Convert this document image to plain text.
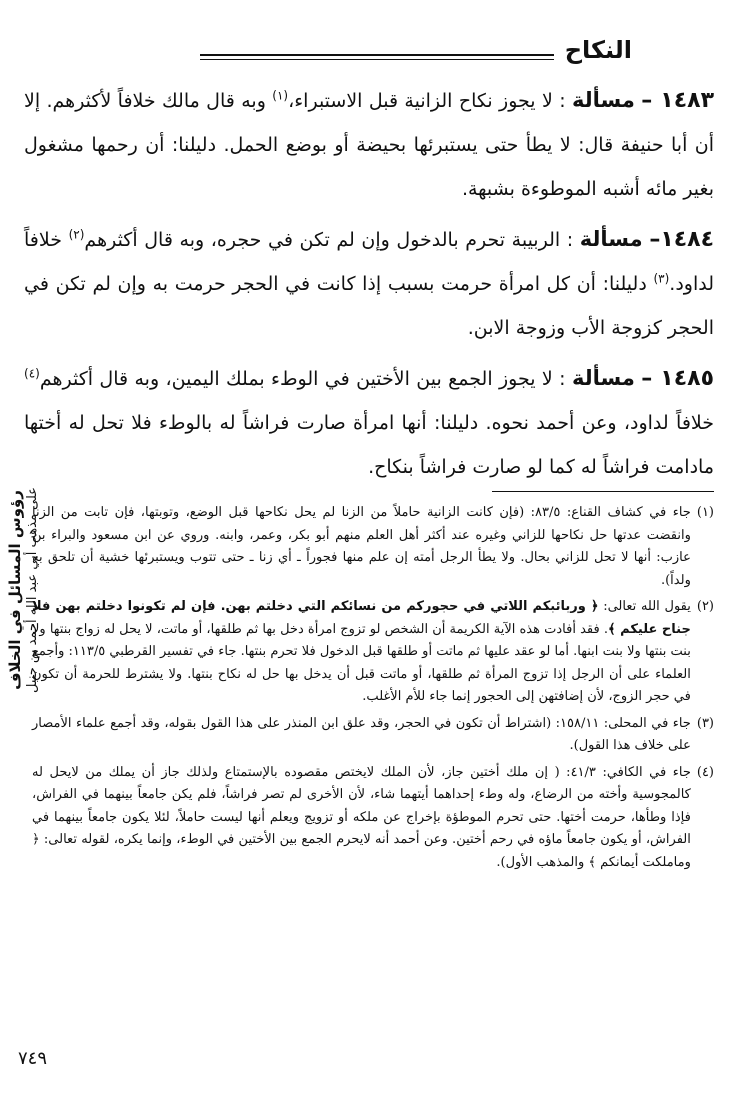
النكاح

١٤٨٣ – مسألة : لا يجوز نكاح الزانية قبل الاستبراء،$^{(١)}$ وبه قال مالك خلافاً لأكثرهم. إلا أن أبا حنيفة قال: لا يطأ حتى يستبرئها بحيضة أو بوضع الحمل. دليلنا: أن رحمها مشغول بغير مائه أشبه الموطوءة بشبهة.

١٤٨٤– مسألة : الربيبة تحرم بالدخول وإن لم تكن في حجره، وبه قال أكثرهم$^{(٢)}$ خلافاً لداود.$^{(٣)}$ دليلنا: أن كل امرأة حرمت بسبب إذا كانت في الحجر حرمت به وإن لم تكن في الحجر كزوجة الأب وزوجة الابن.

١٤٨٥ – مسألة : لا يجوز الجمع بين الأختين في الوطء بملك اليمين، وبه قال أكثرهم$^{(٤)}$ خلافاً لداود، وعن أحمد نحوه. دليلنا: أنها امرأة صارت فراشاً له بالوطء فلا تحل له أختها مادامت فراشاً له كما لو صارت فراشاً بنكاح.

(١)
جاء في كشاف القناع: ٨٣/٥: (فإن كانت الزانية حاملاً من الزنا لم يحل نكاحها قبل الوضع، وتوبتها، فإن تابت من الزنا وانقضت عدتها حل نكاحها للزاني وغيره عند أكثر أهل العلم منهم أبو بكر، وعمر، وابنه. وروي عن ابن مسعود والبراء بن عازب: أنها لا تحل للزاني بحال. ولا يطأ الرجل أمته إن علم منها فجوراً ـ أي زنا ـ حتى تتوب ويستبرئها خشية أن تلحق به ولداً).
(٢)
يقول الله تعالى: ﴿ وربائبكم اللاتي في حجوركم من نسائكم التي دخلتم بهن. فإن لم تكونوا دخلتم بهن فلا جناح عليكم ﴾. فقد أفادت هذه الآية الكريمة أن الشخص لو تزوج امرأة دخل بها ثم طلقها، أو ماتت، لا يحل له زواج بنتها ولا بنت بنتها ولا بنت ابنها. أما لو عقد عليها ثم ماتت أو طلقها قبل الدخول فلا تحرم بنتها. جاء في تفسير القرطبي ١١٣/٥: وأجمع العلماء على أن الرجل إذا تزوج المرأة ثم طلقها، أو ماتت قبل أن يدخل بها حل له نكاح بنتها. ولا يشترط للحرمة أن تكون في حجر الزوج، لأن إضافتهن إلى الحجور إنما جاء للأم الأغلب.
(٣)
جاء في المحلى: ١٥٨/١١: (اشتراط أن تكون في الحجر، وقد علق ابن المنذر على هذا القول بقوله، وقد أجمع علماء الأمصار على خلاف هذا القول).
(٤)
جاء في الكافي: ٤١/٣: ( إن ملك أختين جاز، لأن الملك لايختص مقصوده بالإستمتاع ولذلك جاز أن يملك من لايحل له كالمجوسية وأخته من الرضاع، وله وطء إحداهما أيتهما شاء، لأن الأخرى لم تصر فراشاً، فلم يكن جامعاً بينهما في الفراش، فإذا وطأها، حرمت أختها. حتى تحرم الموطؤة بإخراج عن ملكه أو تزويج ويعلم أنها ليست حاملاً، لئلا يكون جامعاً بينهما في الفراش، أو يكون جامعاً ماؤه في رحم أختين. وعن أحمد أنه لايحرم الجمع بين الأختين في الوطء، وإنما يكره، لقوله تعالى: ﴿ وماملكت أيمانكم ﴾ والمذهب الأول).
رؤوس المسائل في الخلاف على مذهب أبي عبد الله أحمد بن حنبل
٧٤٩
